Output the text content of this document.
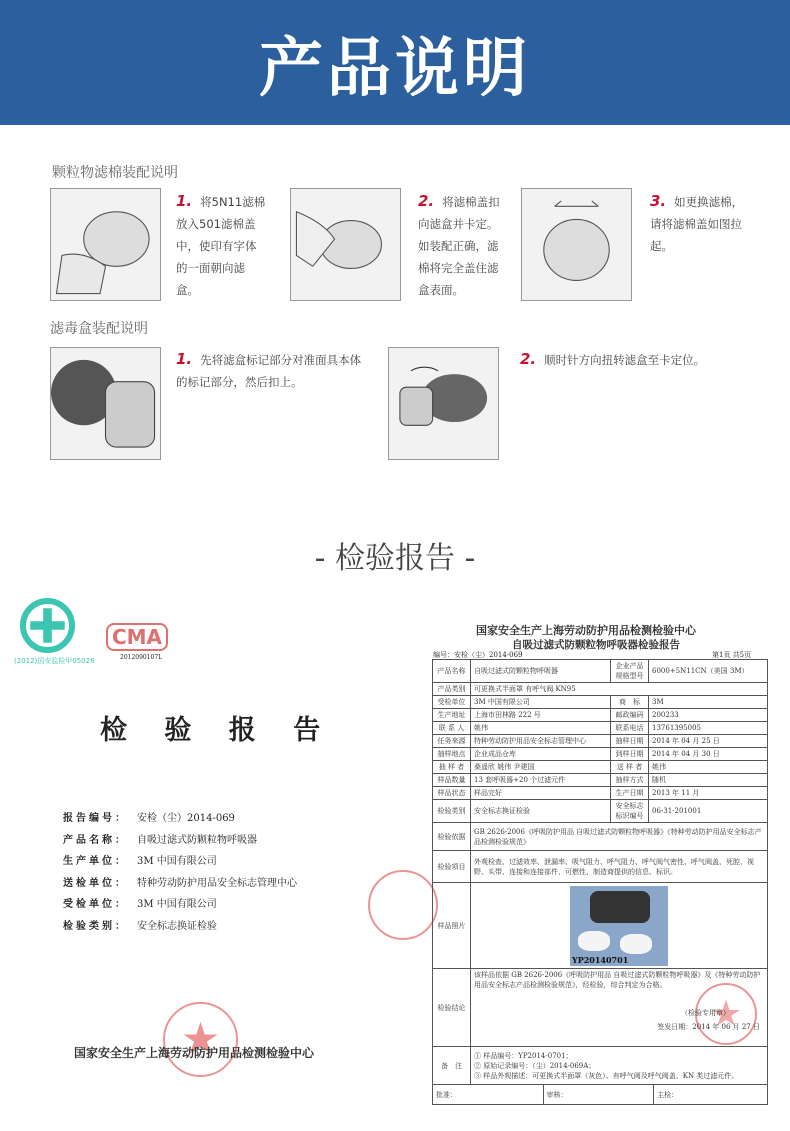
产品说明
颗粒物滤棉装配说明
1. 将5N11滤棉放入501滤棉盖中，使印有字体的一面朝向滤盒。
2. 将滤棉盖扣向滤盒并卡定。如装配正确，滤棉将完全盖住滤盒表面。
3. 如更换滤棉，请将滤棉盖如图拉起。
滤毒盒装配说明
1. 先将滤盒标记部分对准面具本体的标记部分，然后扣上。
2. 顺时针方向扭转滤盒至卡定位。
- 检验报告 -
(2012)国安监检甲05026
CMA
2012090107L
检 验 报 告
报告编号： 安检（尘）2014-069
产品名称： 自吸过滤式防颗粒物呼吸器
生产单位： 3M 中国有限公司
送检单位： 特种劳动防护用品安全标志管理中心
受检单位： 3M 中国有限公司
检验类别： 安全标志换证检验
国家安全生产上海劳动防护用品检测检验中心
国家安全生产上海劳动防护用品检测检验中心
自吸过滤式防颗粒物呼吸器检验报告
编号：安检（尘）2014-069	第1页 共5页
产品名称	自吸过滤式防颗粒物呼吸器	企业产品规格型号	6000+5N11CN（美国 3M）
产品类别	可更换式半面罩 有呼气阀 KN95		
受检单位	3M 中国有限公司	商　标	3M
生产地址	上海市田林路 222 号	邮政编码	200233
联 系 人	姚伟	联系电话	13761395005
任务来源	特种劳动防护用品安全标志管理中心	抽样日期	2014 年 04 月 25 日
抽样地点	企业成品仓库	到样日期	2014 年 04 月 30 日
抽 样 者	桑遥欣 姚伟 尹建国	送 样 者	姚伟
样品数量	13 套呼吸器+20 个过滤元件	抽样方式	随机
样品状态	样品完好	生产日期	2013 年 11 月
检验类别	安全标志换证检验	安全标志标识编号	06-31-201001
检验依据	GB 2626-2006《呼吸防护用品 自吸过滤式防颗粒物呼吸器》《特种劳动防护用品安全标志产品检测检验规范》
检验项目	外观检查、过滤效率、泄漏率、吸气阻力、呼气阻力、呼气阀气密性、呼气阀盖、死腔、视野、头带、连接和连接部件、可燃性、制造商提供的信息、标识。
样品照片	YP20140701

检验结论	该样品依据 GB 2626-2006《呼吸防护用品 自吸过滤式防颗粒物呼吸器》及《特种劳动防护用品安全标志产品检测检验规范》，经检验，综合判定为合格。
（检验专用章）
签发日期：2014 年 06 月 27 日

备　注	① 样品编号：YP2014-0701；
② 原始记录编号：（尘）2014-069A；
③ 样品外观描述：可更换式半面罩（灰色）、有呼气阀及呼气阀盖、KN 类过滤元件。
批准：	审核：	主检：
